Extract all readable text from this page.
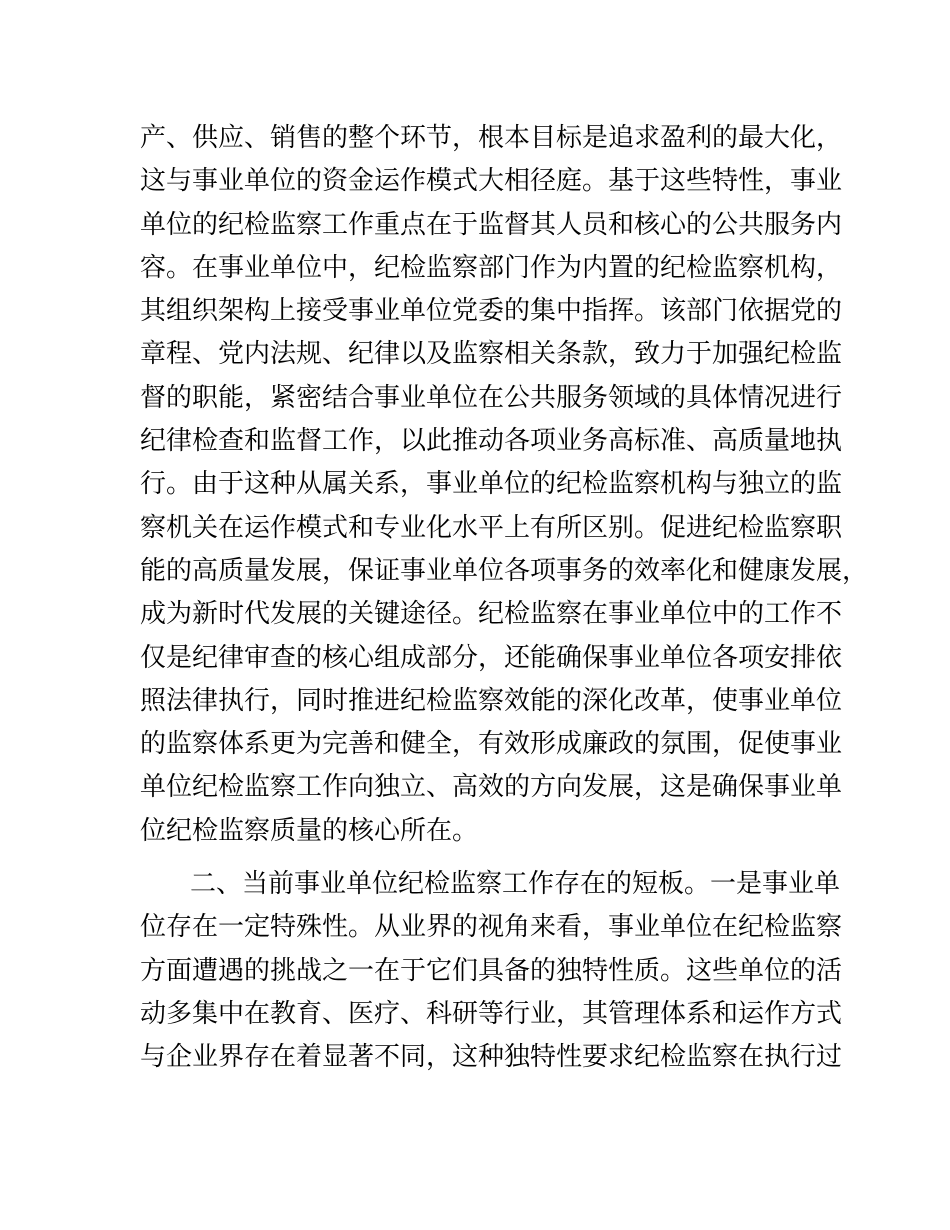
产、供应、销售的整个环节，根本目标是追求盈利的最大化，
这与事业单位的资金运作模式大相径庭。基于这些特性，事业
单位的纪检监察工作重点在于监督其人员和核心的公共服务内
容。在事业单位中，纪检监察部门作为内置的纪检监察机构，
其组织架构上接受事业单位党委的集中指挥。该部门依据党的
章程、党内法规、纪律以及监察相关条款，致力于加强纪检监
督的职能，紧密结合事业单位在公共服务领域的具体情况进行
纪律检查和监督工作，以此推动各项业务高标准、高质量地执
行。由于这种从属关系，事业单位的纪检监察机构与独立的监
察机关在运作模式和专业化水平上有所区别。促进纪检监察职
能的高质量发展，保证事业单位各项事务的效率化和健康发展，
成为新时代发展的关键途径。纪检监察在事业单位中的工作不
仅是纪律审查的核心组成部分，还能确保事业单位各项安排依
照法律执行，同时推进纪检监察效能的深化改革，使事业单位
的监察体系更为完善和健全，有效形成廉政的氛围，促使事业
单位纪检监察工作向独立、高效的方向发展，这是确保事业单
位纪检监察质量的核心所在。
二、当前事业单位纪检监察工作存在的短板。一是事业单
位存在一定特殊性。从业界的视角来看，事业单位在纪检监察
方面遭遇的挑战之一在于它们具备的独特性质。这些单位的活
动多集中在教育、医疗、科研等行业，其管理体系和运作方式
与企业界存在着显著不同，这种独特性要求纪检监察在执行过
